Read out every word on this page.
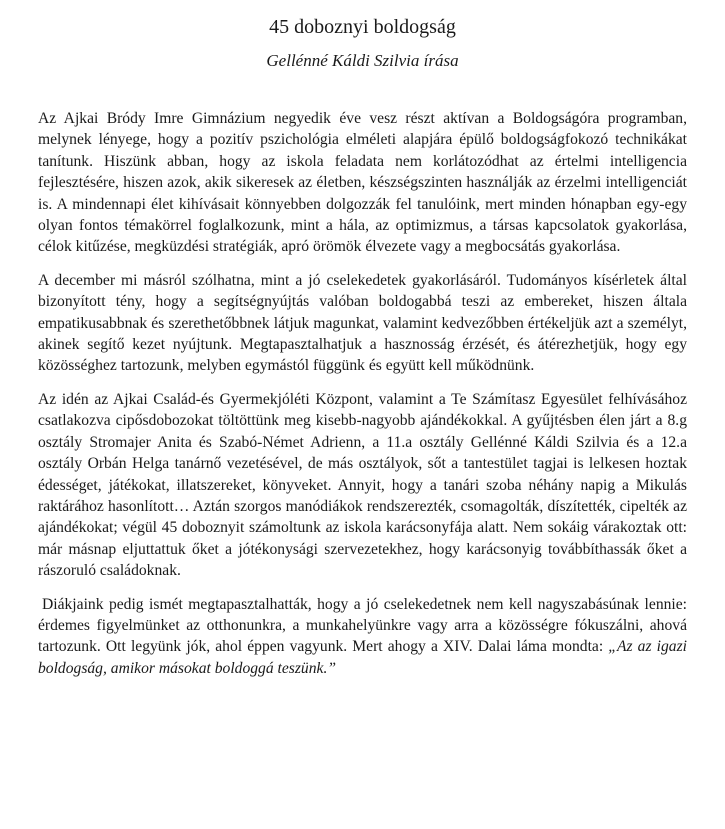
45 doboznyi boldogság
Gellénné Káldi Szilvia írása

Az Ajkai Bródy Imre Gimnázium negyedik éve vesz részt aktívan a Boldogságóra programban, melynek lényege, hogy a pozitív pszichológia elméleti alapjára épülő boldogságfokozó technikákat tanítunk. Hiszünk abban, hogy az iskola feladata nem korlátozódhat az értelmi intelligencia fejlesztésére, hiszen azok, akik sikeresek az életben, készségszinten használják az érzelmi intelligenciát is. A mindennapi élet kihívásait könnyebben dolgozzák fel tanulóink, mert minden hónapban egy-egy olyan fontos témakörrel foglalkozunk, mint a hála, az optimizmus, a társas kapcsolatok gyakorlása, célok kitűzése, megküzdési stratégiák, apró örömök élvezete vagy a megbocsátás gyakorlása.

A december mi másról szólhatna, mint a jó cselekedetek gyakorlásáról. Tudományos kísérletek által bizonyított tény, hogy a segítségnyújtás valóban boldogabbá teszi az embereket, hiszen általa empatikusabbnak és szerethetőbbnek látjuk magunkat, valamint kedvezőbben értékeljük azt a személyt, akinek segítő kezet nyújtunk. Megtapasztalhatjuk a hasznosság érzését, és átérezhetjük, hogy egy közösséghez tartozunk, melyben egymástól függünk és együtt kell működnünk.

Az idén az Ajkai Család-és Gyermekjóléti Központ, valamint a Te Számítasz Egyesület felhívásához csatlakozva cipősdobozokat töltöttünk meg kisebb-nagyobb ajándékokkal. A gyűjtésben élen járt a 8.g osztály Stromajer Anita és Szabó-Német Adrienn, a 11.a osztály Gellénné Káldi Szilvia és a 12.a osztály Orbán Helga tanárnő vezetésével, de más osztályok, sőt a tantestület tagjai is lelkesen hoztak édességet, játékokat, illatszereket, könyveket. Annyit, hogy a tanári szoba néhány napig a Mikulás raktárához hasonlított… Aztán szorgos manódiákok rendszerezték, csomagolták, díszítették, cipelték az ajándékokat; végül 45 doboznyit számoltunk az iskola karácsonyfája alatt. Nem sokáig várakoztak ott: már másnap eljuttattuk őket a jótékonysági szervezetekhez, hogy karácsonyig továbbíthassák őket a rászoruló családoknak.

Diákjaink pedig ismét megtapasztalhatták, hogy a jó cselekedetnek nem kell nagyszabásúnak lennie: érdemes figyelmünket az otthonunkra, a munkahelyünkre vagy arra a közösségre fókuszálni, ahová tartozunk. Ott legyünk jók, ahol éppen vagyunk. Mert ahogy a XIV. Dalai láma mondta: „Az az igazi boldogság, amikor másokat boldoggá teszünk.”
